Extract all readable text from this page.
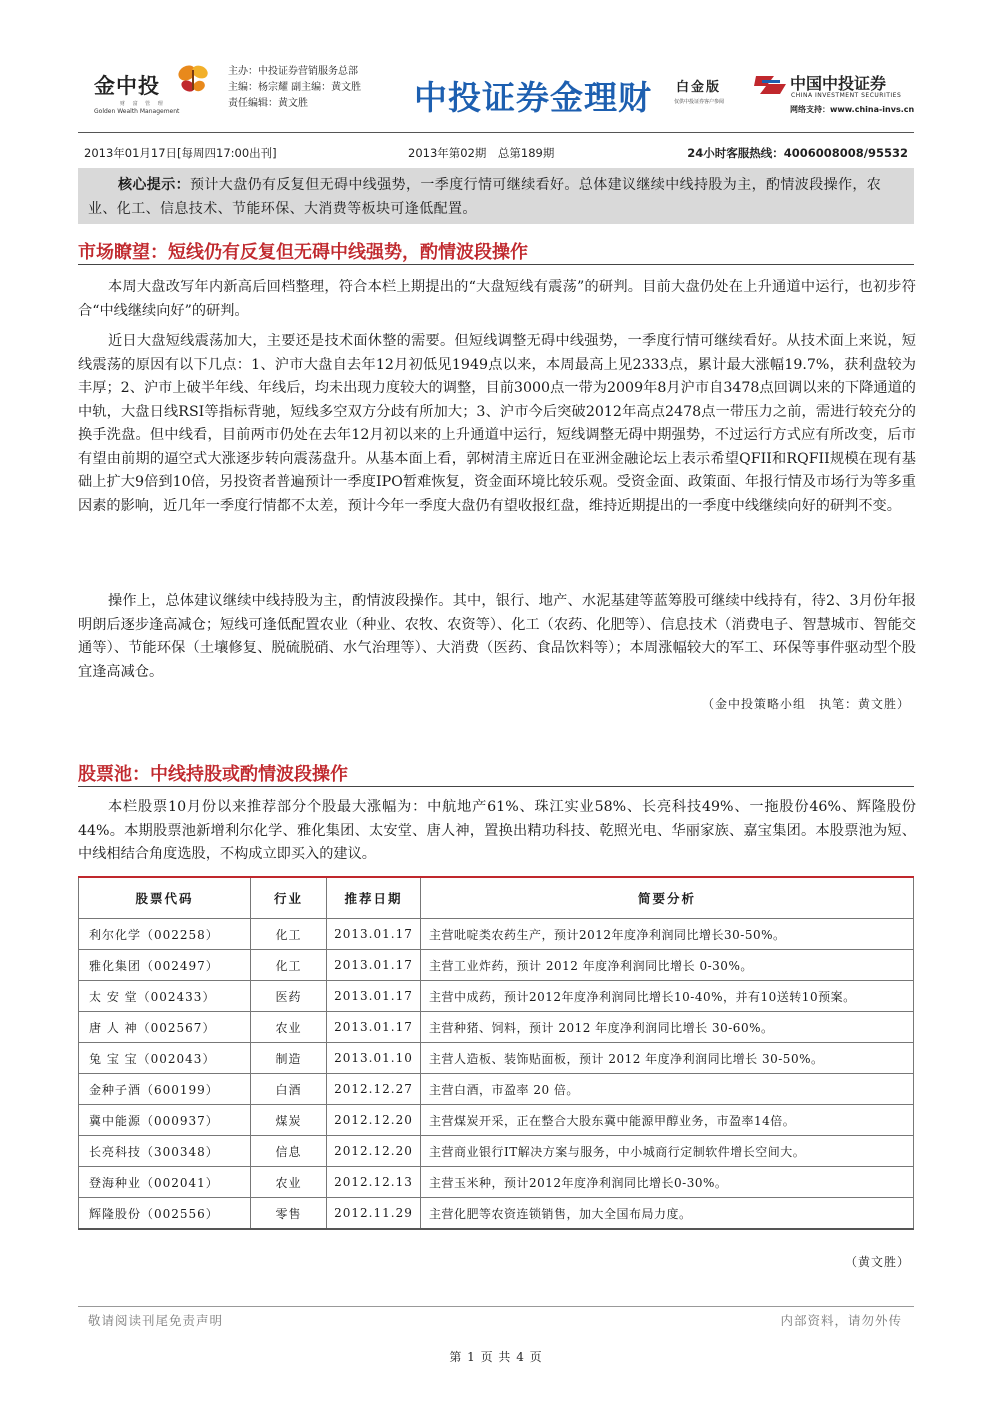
金中投
财 富 管 理
Golden Wealth Management
主办：中投证券营销服务总部
主编：杨宗耀 副主编：黄文胜
责任编辑：黄文胜	中投证券金理财 白金版
仅供中投证券客户参阅
中国中投证券
CHINA INVESTMENT SECURITIES
网络支持：www.china-invs.cn
2013年01月17日[每周四17:00出刊]	2013年第02期　总第189期	24小时客服热线：4006008008/95532
核心提示：预计大盘仍有反复但无碍中线强势，一季度行情可继续看好。总体建议继续中线持股为主，酌情波段操作，农业、化工、信息技术、节能环保、大消费等板块可逢低配置。
市场瞭望：短线仍有反复但无碍中线强势，酌情波段操作
本周大盘改写年内新高后回档整理，符合本栏上期提出的“大盘短线有震荡”的研判。目前大盘仍处在上升通道中运行，也初步符合“中线继续向好”的研判。
近日大盘短线震荡加大，主要还是技术面休整的需要。但短线调整无碍中线强势，一季度行情可继续看好。从技术面上来说，短线震荡的原因有以下几点：1、沪市大盘自去年12月初低见1949点以来，本周最高上见2333点，累计最大涨幅19.7%，获利盘较为丰厚；2、沪市上破半年线、年线后，均未出现力度较大的调整，目前3000点一带为2009年8月沪市自3478点回调以来的下降通道的中轨，大盘日线RSI等指标背驰，短线多空双方分歧有所加大；3、沪市今后突破2012年高点2478点一带压力之前，需进行较充分的换手洗盘。但中线看，目前两市仍处在去年12月初以来的上升通道中运行，短线调整无碍中期强势，不过运行方式应有所改变，后市有望由前期的逼空式大涨逐步转向震荡盘升。从基本面上看，郭树清主席近日在亚洲金融论坛上表示希望QFII和RQFII规模在现有基础上扩大9倍到10倍，另投资者普遍预计一季度IPO暂难恢复，资金面环境比较乐观。受资金面、政策面、年报行情及市场行为等多重因素的影响，近几年一季度行情都不太差，预计今年一季度大盘仍有望收报红盘，维持近期提出的一季度中线继续向好的研判不变。
操作上，总体建议继续中线持股为主，酌情波段操作。其中，银行、地产、水泥基建等蓝筹股可继续中线持有，待2、3月份年报明朗后逐步逢高减仓；短线可逢低配置农业（种业、农牧、农资等）、化工（农药、化肥等）、信息技术（消费电子、智慧城市、智能交通等）、节能环保（土壤修复、脱硫脱硝、水气治理等）、大消费（医药、食品饮料等）；本周涨幅较大的军工、环保等事件驱动型个股宜逢高减仓。
（金中投策略小组　执笔：黄文胜）
股票池：中线持股或酌情波段操作
本栏股票10月份以来推荐部分个股最大涨幅为：中航地产61%、珠江实业58%、长亮科技49%、一拖股份46%、辉隆股份44%。本期股票池新增利尔化学、雅化集团、太安堂、唐人神，置换出精功科技、乾照光电、华丽家族、嘉宝集团。本股票池为短、中线相结合角度选股，不构成立即买入的建议。
股票代码	行业	推荐日期	简要分析
利尔化学（002258）	化工	2013.01.17	主营吡啶类农药生产，预计2012年度净利润同比增长30-50%。
雅化集团（002497）	化工	2013.01.17	主营工业炸药，预计 2012 年度净利润同比增长 0-30%。
太 安 堂（002433）	医药	2013.01.17	主营中成药，预计2012年度净利润同比增长10-40%，并有10送转10预案。
唐 人 神（002567）	农业	2013.01.17	主营种猪、饲料，预计 2012 年度净利润同比增长 30-60%。
兔 宝 宝（002043）	制造	2013.01.10	主营人造板、装饰贴面板，预计 2012 年度净利润同比增长 30-50%。
金种子酒（600199）	白酒	2012.12.27	主营白酒，市盈率 20 倍。
冀中能源（000937）	煤炭	2012.12.20	主营煤炭开采，正在整合大股东冀中能源甲醇业务，市盈率14倍。
长亮科技（300348）	信息	2012.12.20	主营商业银行IT解决方案与服务，中小城商行定制软件增长空间大。
登海种业（002041）	农业	2012.12.13	主营玉米种，预计2012年度净利润同比增长0-30%。
辉隆股份（002556）	零售	2012.11.29	主营化肥等农资连锁销售，加大全国布局力度。
（黄文胜）
敬请阅读刊尾免责声明	内部资料，请勿外传
第 1 页 共 4 页
